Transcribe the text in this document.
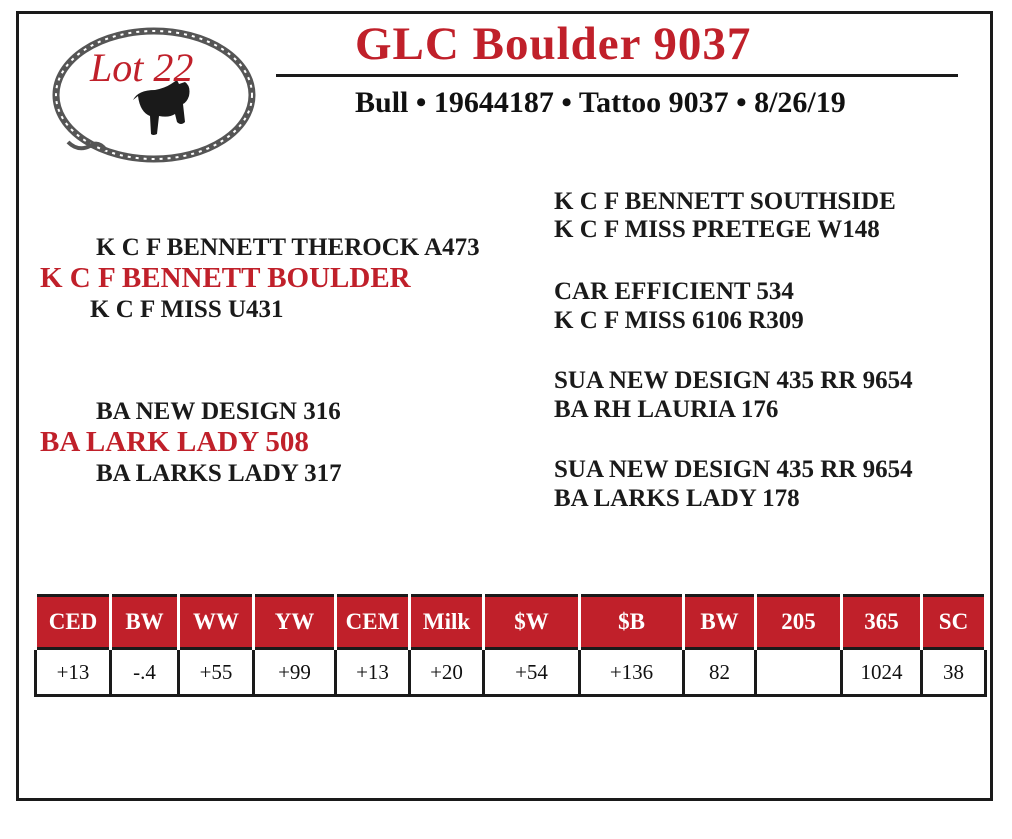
Lot 22	GLC Boulder 9037
Bull • 19644187 • Tattoo 9037 • 8/26/19
K C F BENNETT THEROCK A473
K C F BENNETT BOULDER
K C F MISS U431
BA NEW DESIGN 316
BA LARK LADY 508
BA LARKS LADY 317
K C F BENNETT SOUTHSIDE
K C F MISS PRETEGE W148
CAR EFFICIENT 534
K C F MISS 6106 R309
SUA NEW DESIGN 435 RR 9654
BA RH LAURIA 176
SUA NEW DESIGN 435 RR 9654
BA LARKS LADY 178
CED	BW	WW	YW	CEM	Milk	$W	$B	BW	205	365	SC
+13	-.4	+55	+99	+13	+20	+54	+136	82		1024	38
